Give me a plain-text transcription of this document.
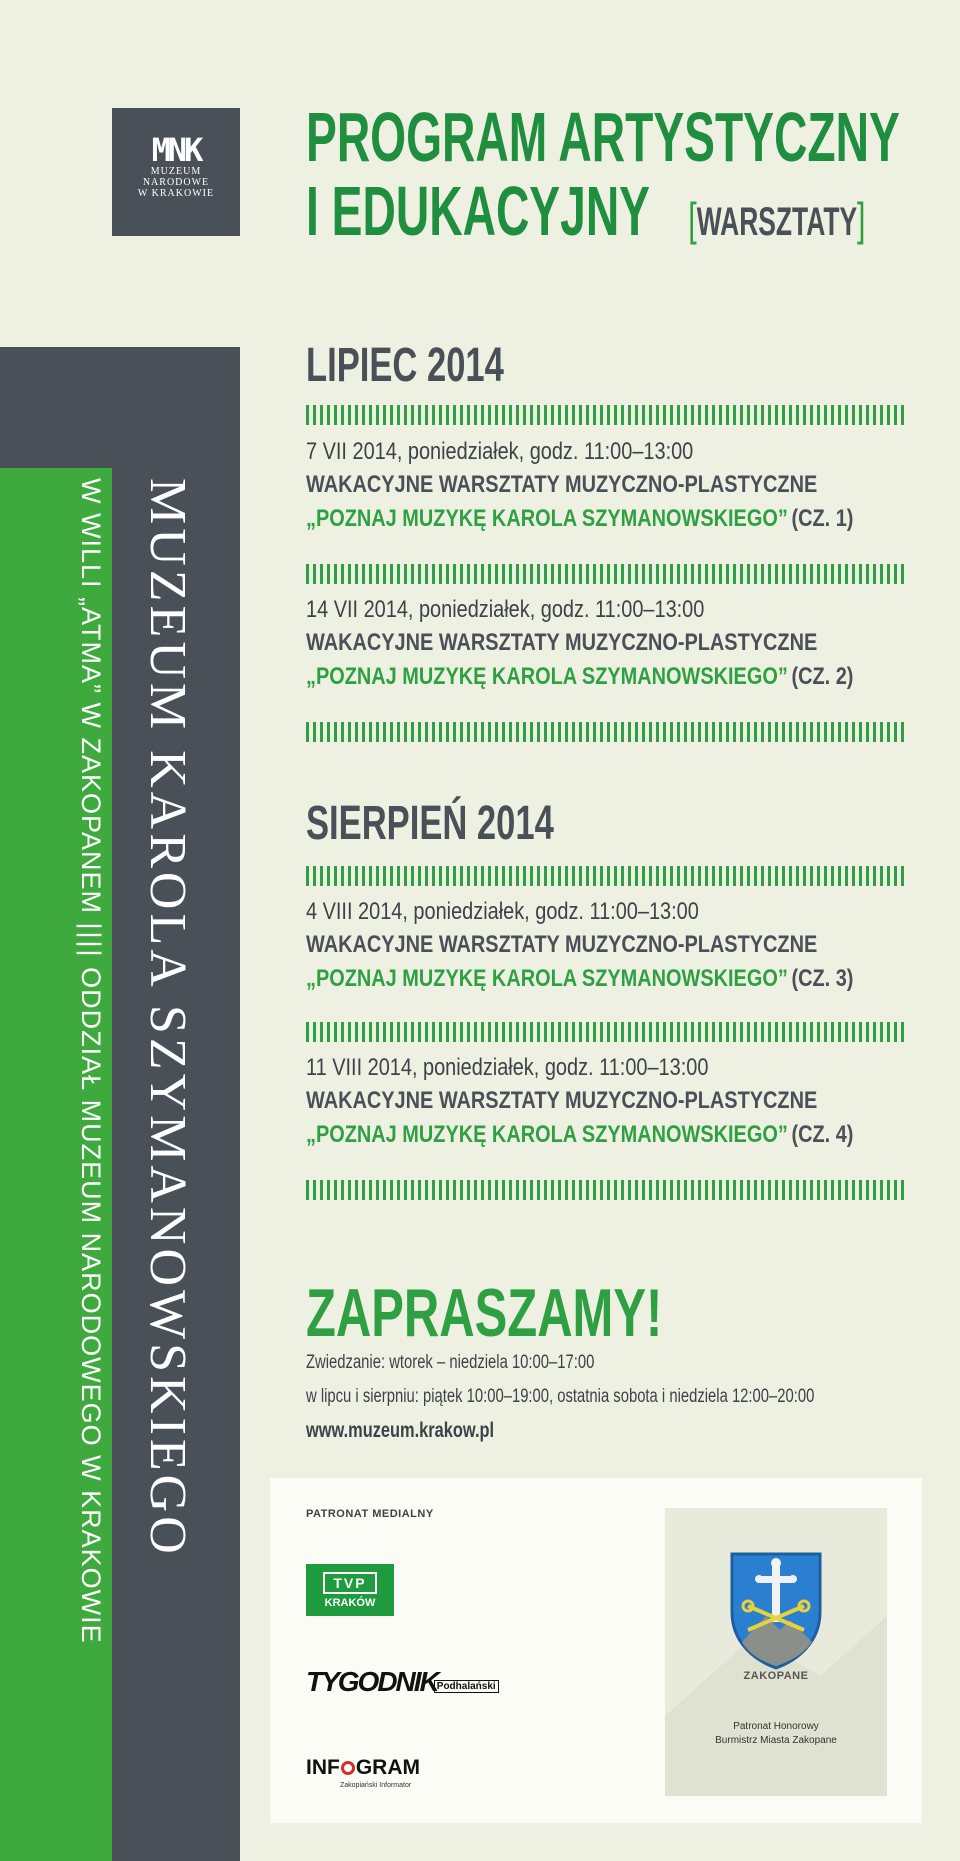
MNK
MUZEUM
NARODOWE
W KRAKOWIE
PROGRAM ARTYSTYCZNY
I EDUKACYJNY [WARSZTATY]
MUZEUM KAROLA SZYMANOWSKIEGO
W WILLI „ATMA” W ZAKOPANEM |||| ODDZIAŁ MUZEUM NARODOWEGO W KRAKOWIE
LIPIEC 2014
7 VII 2014, poniedziałek, godz. 11:00–13:00
WAKACYJNE WARSZTATY MUZYCZNO-PLASTYCZNE
„POZNAJ MUZYKĘ KAROLA SZYMANOWSKIEGO” (CZ. 1)
14 VII 2014, poniedziałek, godz. 11:00–13:00
WAKACYJNE WARSZTATY MUZYCZNO-PLASTYCZNE
„POZNAJ MUZYKĘ KAROLA SZYMANOWSKIEGO” (CZ. 2)
SIERPIEŃ 2014
4 VIII 2014, poniedziałek, godz. 11:00–13:00
WAKACYJNE WARSZTATY MUZYCZNO-PLASTYCZNE
„POZNAJ MUZYKĘ KAROLA SZYMANOWSKIEGO” (CZ. 3)
11 VIII 2014, poniedziałek, godz. 11:00–13:00
WAKACYJNE WARSZTATY MUZYCZNO-PLASTYCZNE
„POZNAJ MUZYKĘ KAROLA SZYMANOWSKIEGO” (CZ. 4)
ZAPRASZAMY!
Zwiedzanie: wtorek – niedziela 10:00–17:00
w lipcu i sierpniu: piątek 10:00–19:00, ostatnia sobota i niedziela 12:00–20:00
www.muzeum.krakow.pl
PATRONAT MEDIALNY
TVP
KRAKÓW
TYGODNIKPodhalański
INF GRAM
Zakopiański Informator
ZAKOPANE
Patronat Honorowy
Burmistrz Miasta Zakopane
